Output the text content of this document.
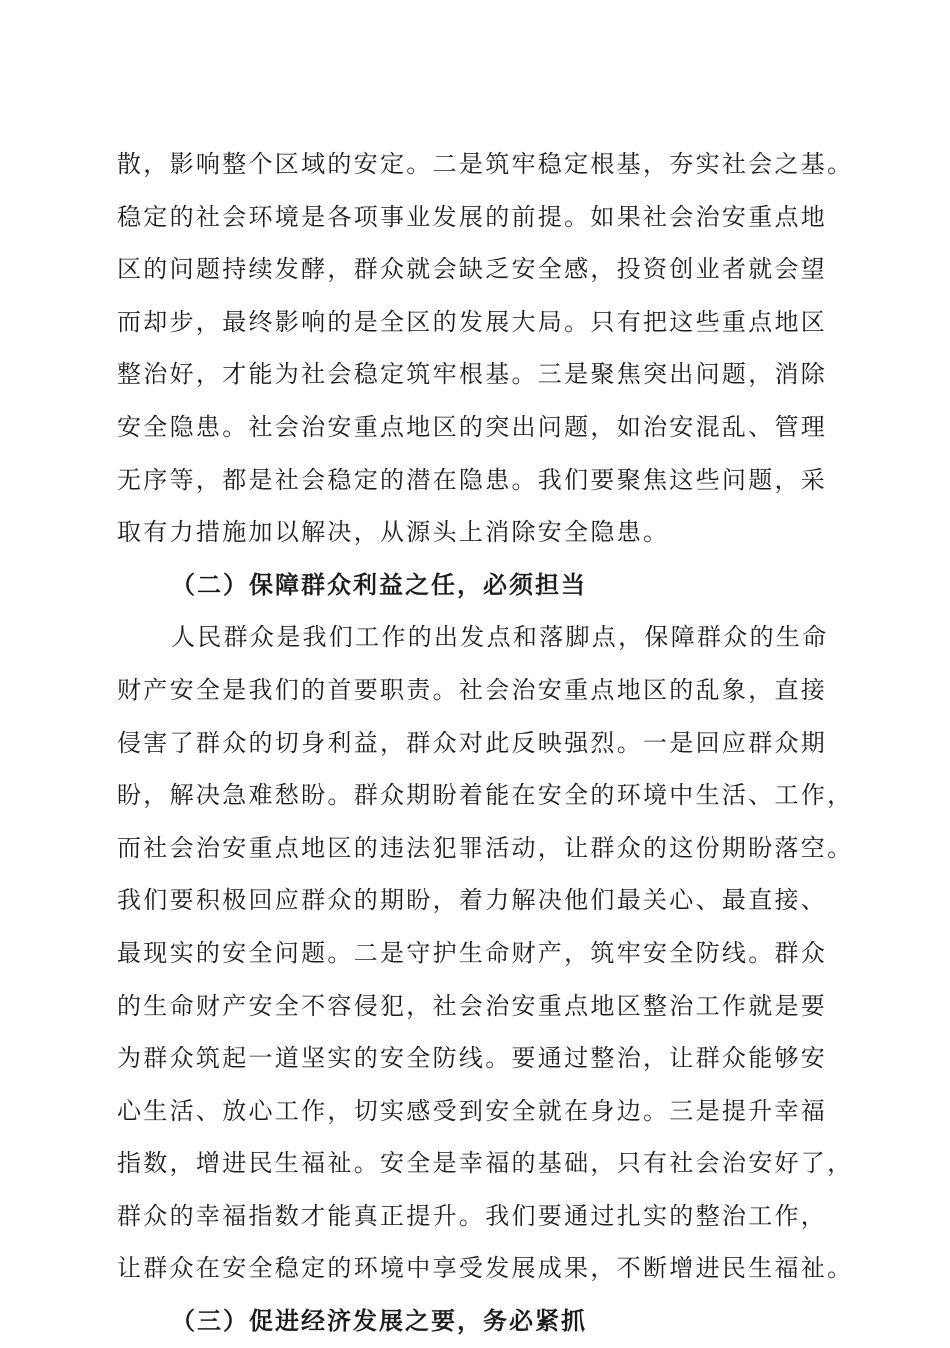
散，影响整个区域的安定。二是筑牢稳定根基，夯实社会之基。
稳定的社会环境是各项事业发展的前提。如果社会治安重点地
区的问题持续发酵，群众就会缺乏安全感，投资创业者就会望
而却步，最终影响的是全区的发展大局。只有把这些重点地区
整治好，才能为社会稳定筑牢根基。三是聚焦突出问题，消除
安全隐患。社会治安重点地区的突出问题，如治安混乱、管理
无序等，都是社会稳定的潜在隐患。我们要聚焦这些问题，采
取有力措施加以解决，从源头上消除安全隐患。
（二）保障群众利益之任，必须担当
人民群众是我们工作的出发点和落脚点，保障群众的生命
财产安全是我们的首要职责。社会治安重点地区的乱象，直接
侵害了群众的切身利益，群众对此反映强烈。一是回应群众期
盼，解决急难愁盼。群众期盼着能在安全的环境中生活、工作，
而社会治安重点地区的违法犯罪活动，让群众的这份期盼落空。
我们要积极回应群众的期盼，着力解决他们最关心、最直接、
最现实的安全问题。二是守护生命财产，筑牢安全防线。群众
的生命财产安全不容侵犯，社会治安重点地区整治工作就是要
为群众筑起一道坚实的安全防线。要通过整治，让群众能够安
心生活、放心工作，切实感受到安全就在身边。三是提升幸福
指数，增进民生福祉。安全是幸福的基础，只有社会治安好了，
群众的幸福指数才能真正提升。我们要通过扎实的整治工作，
让群众在安全稳定的环境中享受发展成果，不断增进民生福祉。
（三）促进经济发展之要，务必紧抓
